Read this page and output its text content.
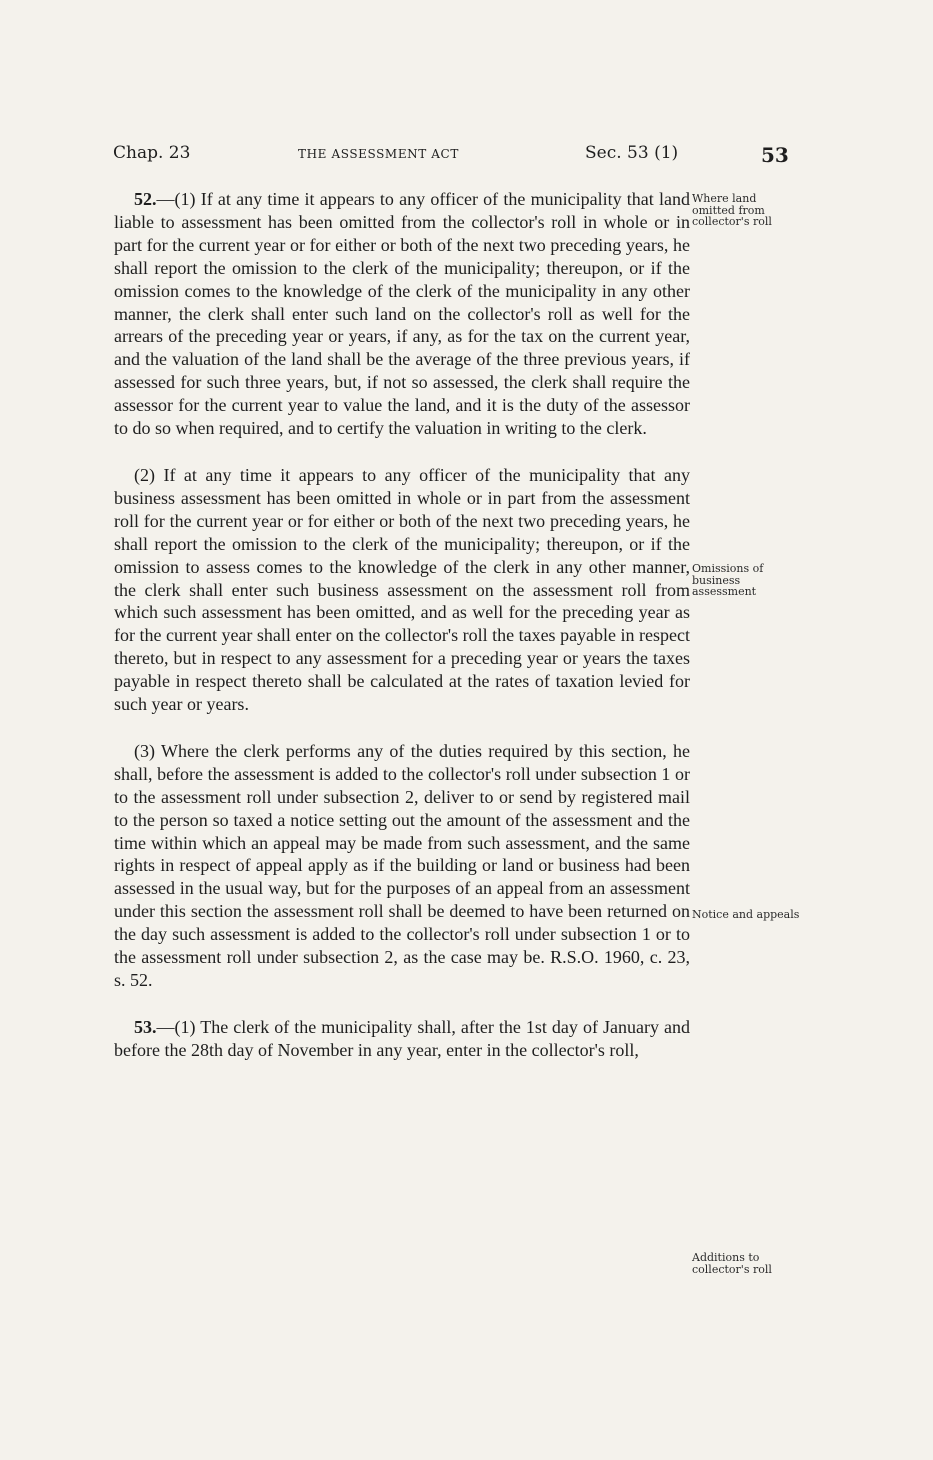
Chap. 23	THE ASSESSMENT ACT	Sec. 53 (1)	53

52.—(1) If at any time it appears to any officer of the municipality that land liable to assessment has been omitted from the collector's roll in whole or in part for the current year or for either or both of the next two preceding years, he shall report the omission to the clerk of the municipality; thereupon, or if the omission comes to the knowledge of the clerk of the municipality in any other manner, the clerk shall enter such land on the collector's roll as well for the arrears of the preceding year or years, if any, as for the tax on the current year, and the valuation of the land shall be the average of the three previous years, if assessed for such three years, but, if not so assessed, the clerk shall require the assessor for the current year to value the land, and it is the duty of the assessor to do so when required, and to certify the valuation in writing to the clerk.

(2) If at any time it appears to any officer of the municipality that any business assessment has been omitted in whole or in part from the assessment roll for the current year or for either or both of the next two preceding years, he shall report the omission to the clerk of the municipality; thereupon, or if the omission to assess comes to the knowledge of the clerk in any other manner, the clerk shall enter such business assessment on the assessment roll from which such assessment has been omitted, and as well for the preceding year as for the current year shall enter on the collector's roll the taxes payable in respect thereto, but in respect to any assessment for a preceding year or years the taxes payable in respect thereto shall be calculated at the rates of taxation levied for such year or years.

(3) Where the clerk performs any of the duties required by this section, he shall, before the assessment is added to the collector's roll under subsection 1 or to the assessment roll under subsection 2, deliver to or send by registered mail to the person so taxed a notice setting out the amount of the assessment and the time within which an appeal may be made from such assessment, and the same rights in respect of appeal apply as if the building or land or business had been assessed in the usual way, but for the purposes of an appeal from an assessment under this section the assessment roll shall be deemed to have been returned on the day such assessment is added to the collector's roll under subsection 1 or to the assessment roll under subsection 2, as the case may be. R.S.O. 1960, c. 23, s. 52.

53.—(1) The clerk of the municipality shall, after the 1st day of January and before the 28th day of November in any year, enter in the collector's roll,

Where land omitted from collector's roll
Omissions of business assessment
Notice and appeals
Additions to collector's roll
